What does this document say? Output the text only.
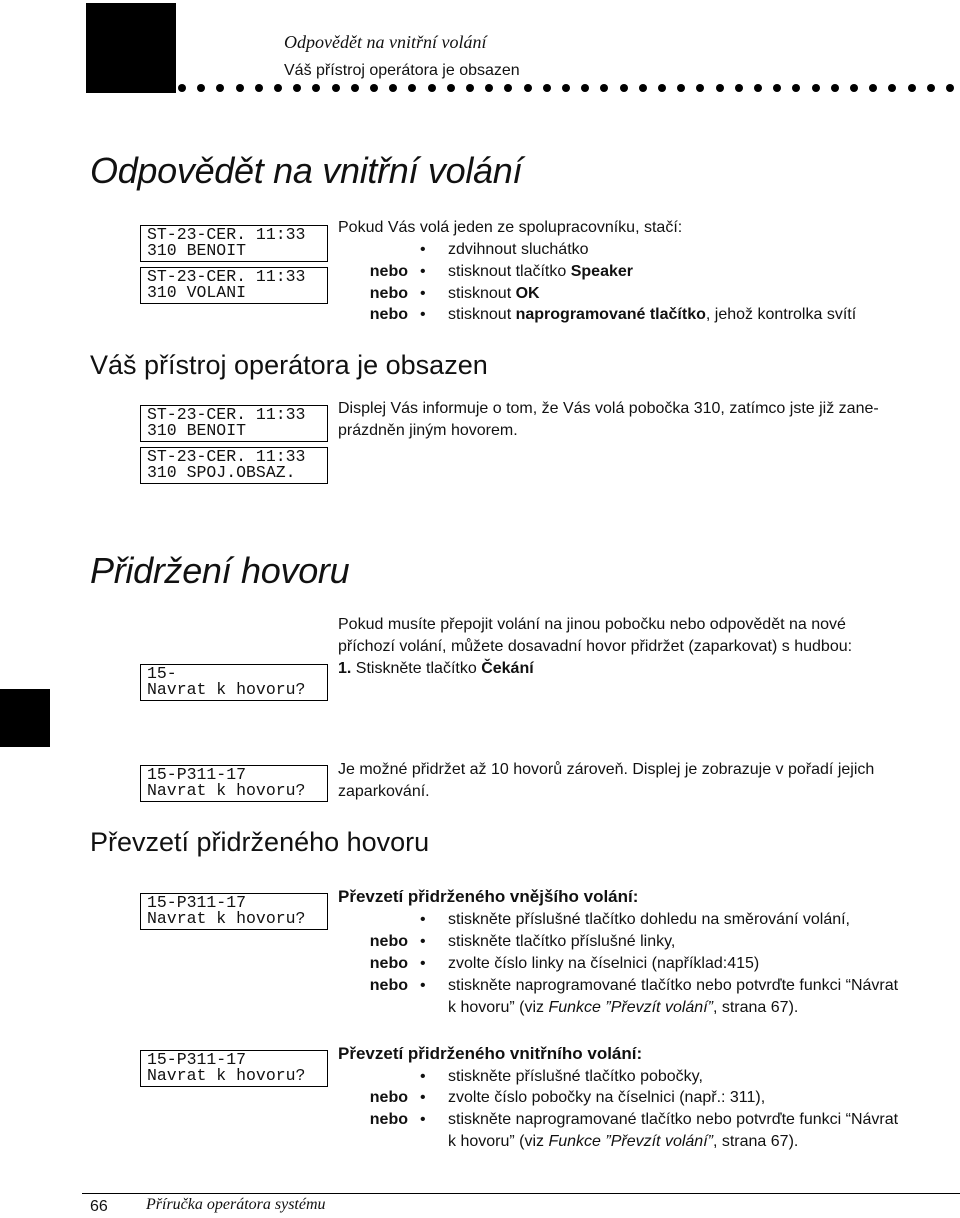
Odpovědět na vnitřní volání
Váš přístroj operátora je obsazen
Odpovědět na vnitřní volání
ST-23-CER. 11:33
310 BENOIT
ST-23-CER. 11:33
310 VOLANI
Pokud Vás volá jeden ze spolupracovníku, stačí:
• zdvihnout sluchátko
nebo • stisknout tlačítko Speaker
nebo • stisknout OK
nebo • stisknout naprogramované tlačítko, jehož kontrolka svítí
Váš přístroj operátora je obsazen
ST-23-CER. 11:33
310 BENOIT
ST-23-CER. 11:33
310 SPOJ.OBSAZ.
Displej Vás informuje o tom, že Vás volá pobočka 310, zatímco jste již zane-
prázdněn jiným hovorem.
Přidržení hovoru
15-
Navrat k hovoru?
Pokud musíte přepojit volání na jinou pobočku nebo odpovědět na nové
příchozí volání, můžete dosavadní hovor přidržet (zaparkovat) s hudbou:
1. Stiskněte tlačítko Čekání
15-P311-17
Navrat k hovoru?
Je možné přidržet až 10 hovorů zároveň. Displej je zobrazuje v pořadí jejich
zaparkování.
Převzetí přidrženého hovoru
15-P311-17
Navrat k hovoru?
Převzetí přidrženého vnějšího volání:
• stiskněte příslušné tlačítko dohledu na směrování volání,
nebo • stiskněte tlačítko příslušné linky,
nebo • zvolte číslo linky na číselnici (například:415)
nebo • stiskněte naprogramované tlačítko nebo potvrďte funkci “Návrat
k hovoru” (viz Funkce ”Převzít volání”, strana 67).
15-P311-17
Navrat k hovoru?
Převzetí přidrženého vnitřního volání:
• stiskněte příslušné tlačítko pobočky,
nebo • zvolte číslo pobočky na číselnici (např.: 311),
nebo • stiskněte naprogramované tlačítko nebo potvrďte funkci “Návrat
k hovoru” (viz Funkce ”Převzít volání”, strana 67).
66 Příručka operátora systému
